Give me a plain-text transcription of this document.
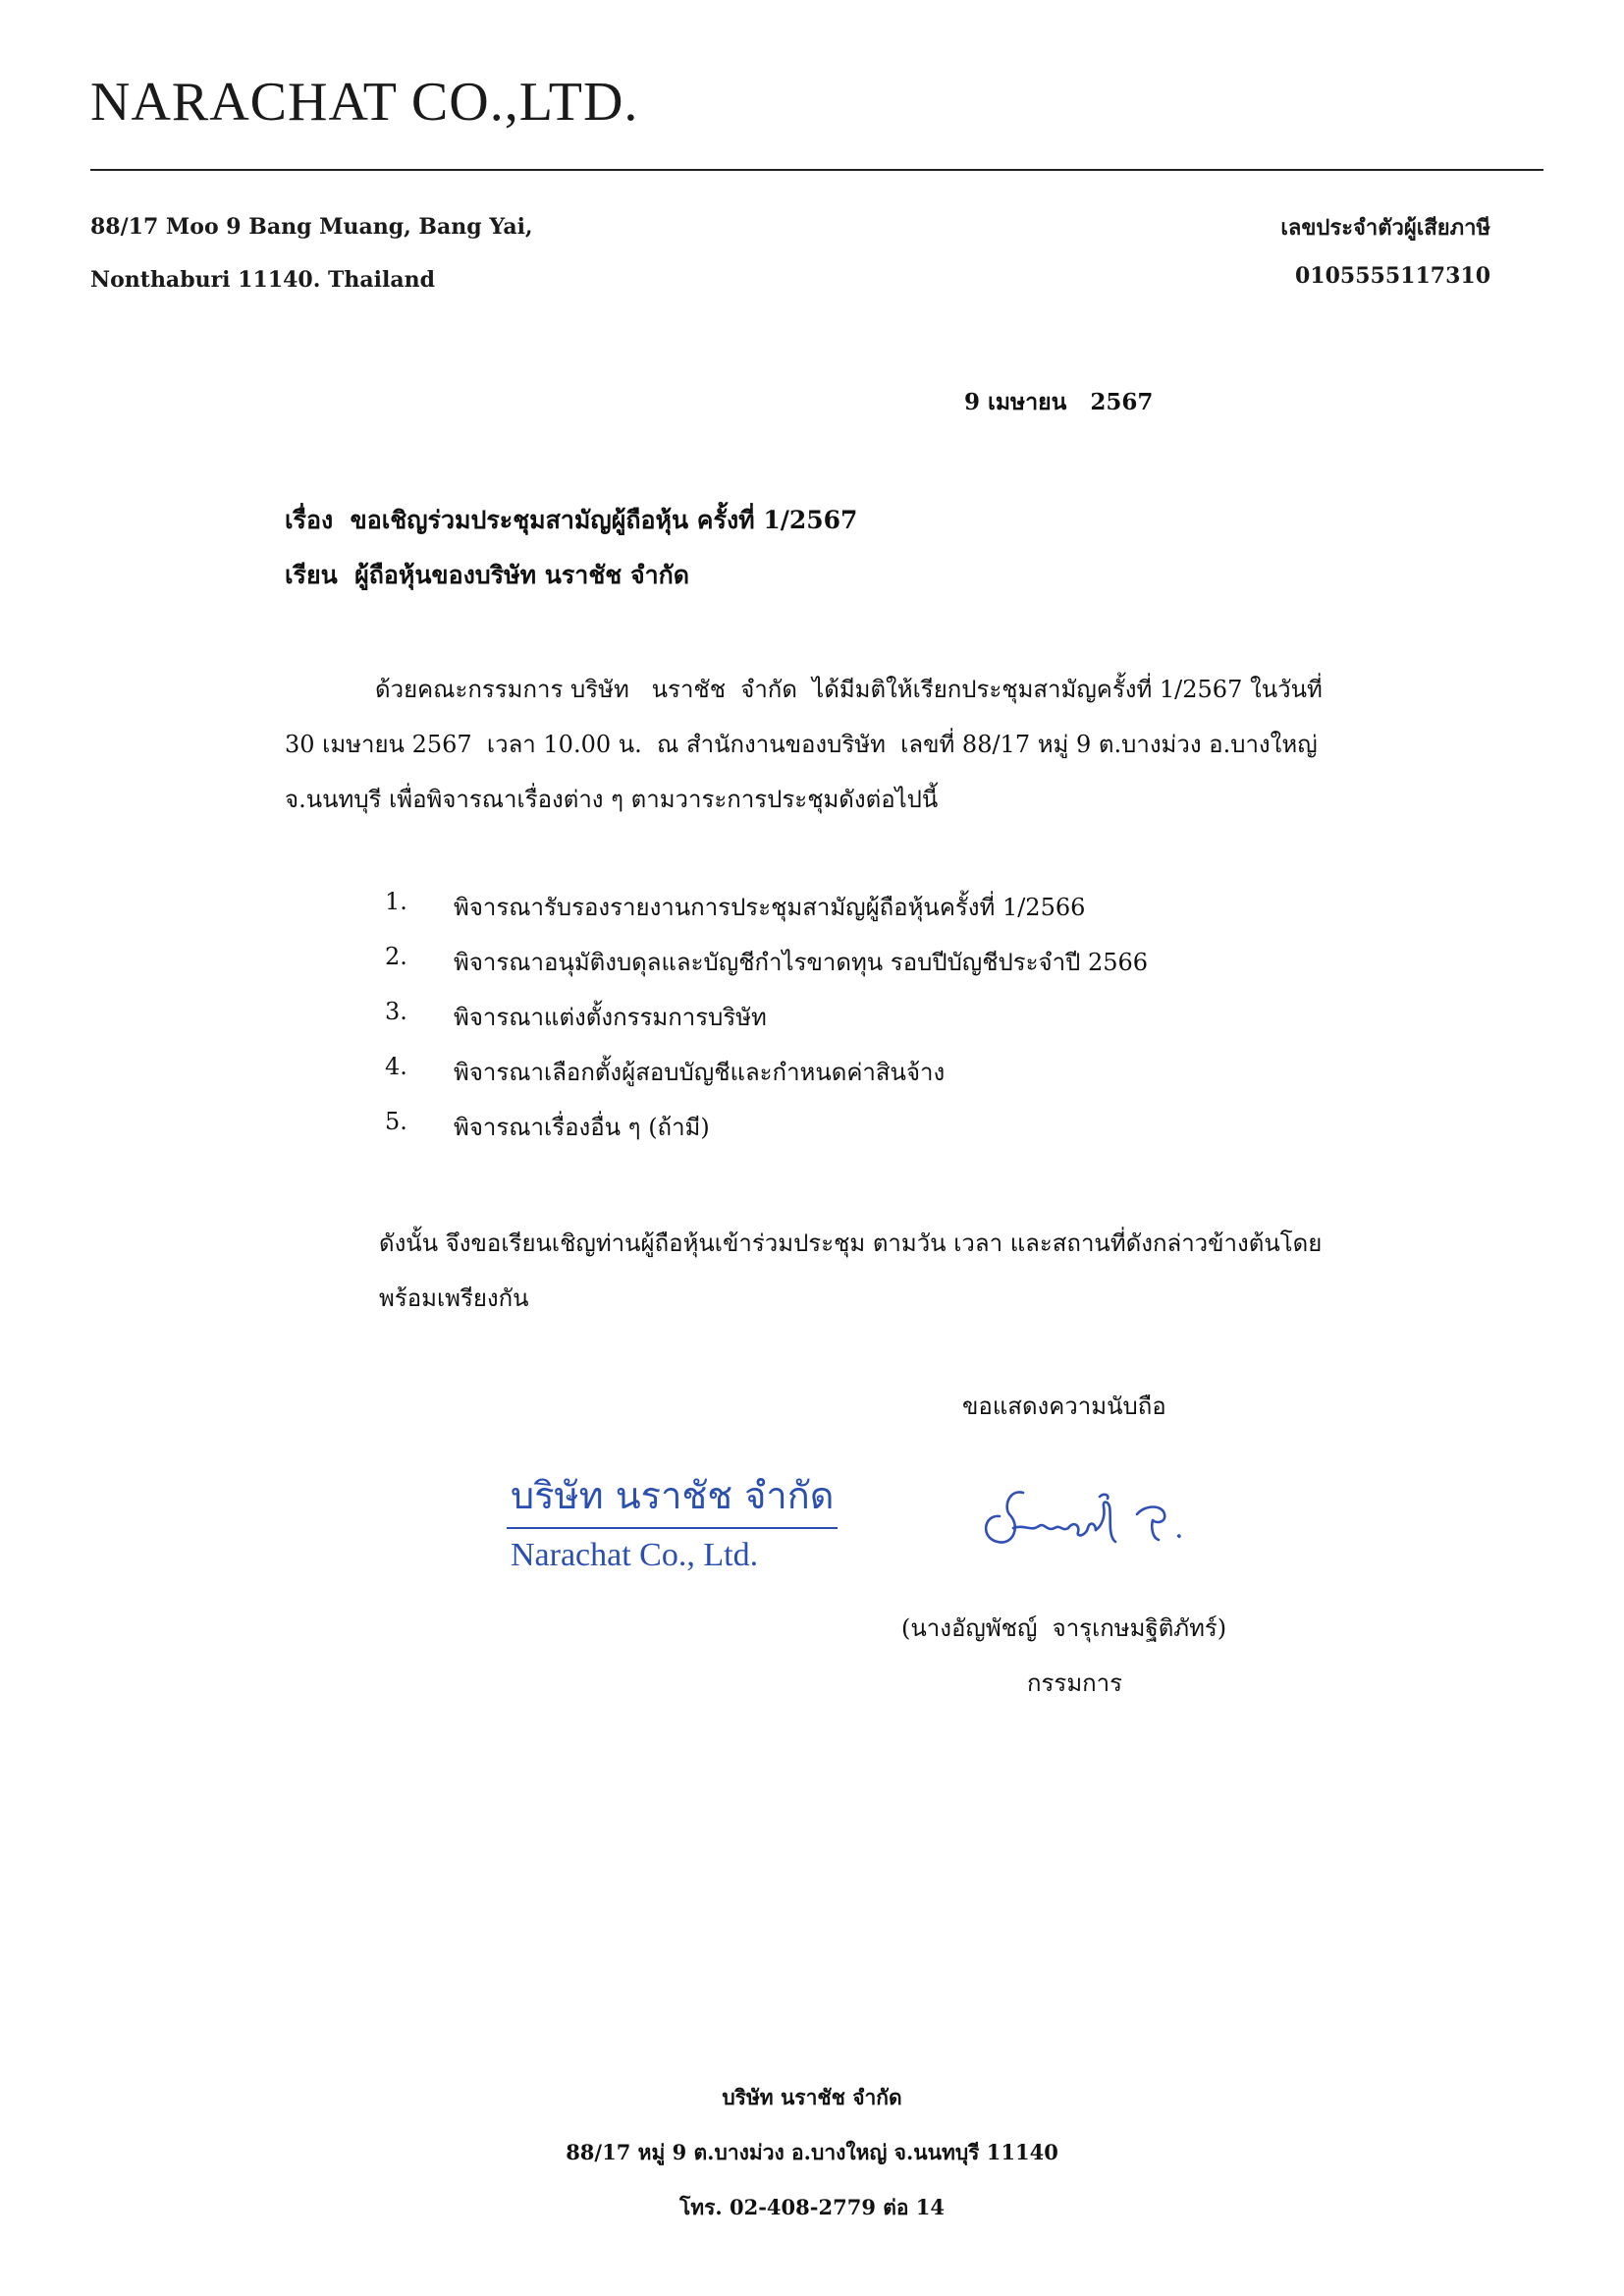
NARACHAT CO.,LTD.
88/17 Moo 9 Bang Muang, Bang Yai,
Nonthaburi 11140. Thailand
เลขประจำตัวผู้เสียภาษี
0105555117310
9 เมษายน   2567
เรื่อง  ขอเชิญร่วมประชุมสามัญผู้ถือหุ้น ครั้งที่ 1/2567
เรียน  ผู้ถือหุ้นของบริษัท นราชัช จำกัด
ด้วยคณะกรรมการ บริษัท   นราชัช  จำกัด  ได้มีมติให้เรียกประชุมสามัญครั้งที่ 1/2567 ในวันที่
30 เมษายน 2567  เวลา 10.00 น.  ณ สำนักงานของบริษัท  เลขที่ 88/17 หมู่ 9 ต.บางม่วง อ.บางใหญ่
จ.นนทบุรี เพื่อพิจารณาเรื่องต่าง ๆ ตามวาระการประชุมดังต่อไปนี้
1. พิจารณารับรองรายงานการประชุมสามัญผู้ถือหุ้นครั้งที่ 1/2566
2. พิจารณาอนุมัติงบดุลและบัญชีกำไรขาดทุน รอบปีบัญชีประจำปี 2566
3. พิจารณาแต่งตั้งกรรมการบริษัท
4. พิจารณาเลือกตั้งผู้สอบบัญชีและกำหนดค่าสินจ้าง
5. พิจารณาเรื่องอื่น ๆ (ถ้ามี)
ดังนั้น จึงขอเรียนเชิญท่านผู้ถือหุ้นเข้าร่วมประชุม ตามวัน เวลา และสถานที่ดังกล่าวข้างต้นโดย
พร้อมเพรียงกัน
ขอแสดงความนับถือ
บริษัท นราชัช จำกัด
Narachat Co., Ltd.
(นางอัญพัชญ์  จารุเกษมฐิติภัทร์)
กรรมการ
บริษัท นราชัช จำกัด
88/17 หมู่ 9 ต.บางม่วง อ.บางใหญ่ จ.นนทบุรี 11140
โทร. 02-408-2779 ต่อ 14
